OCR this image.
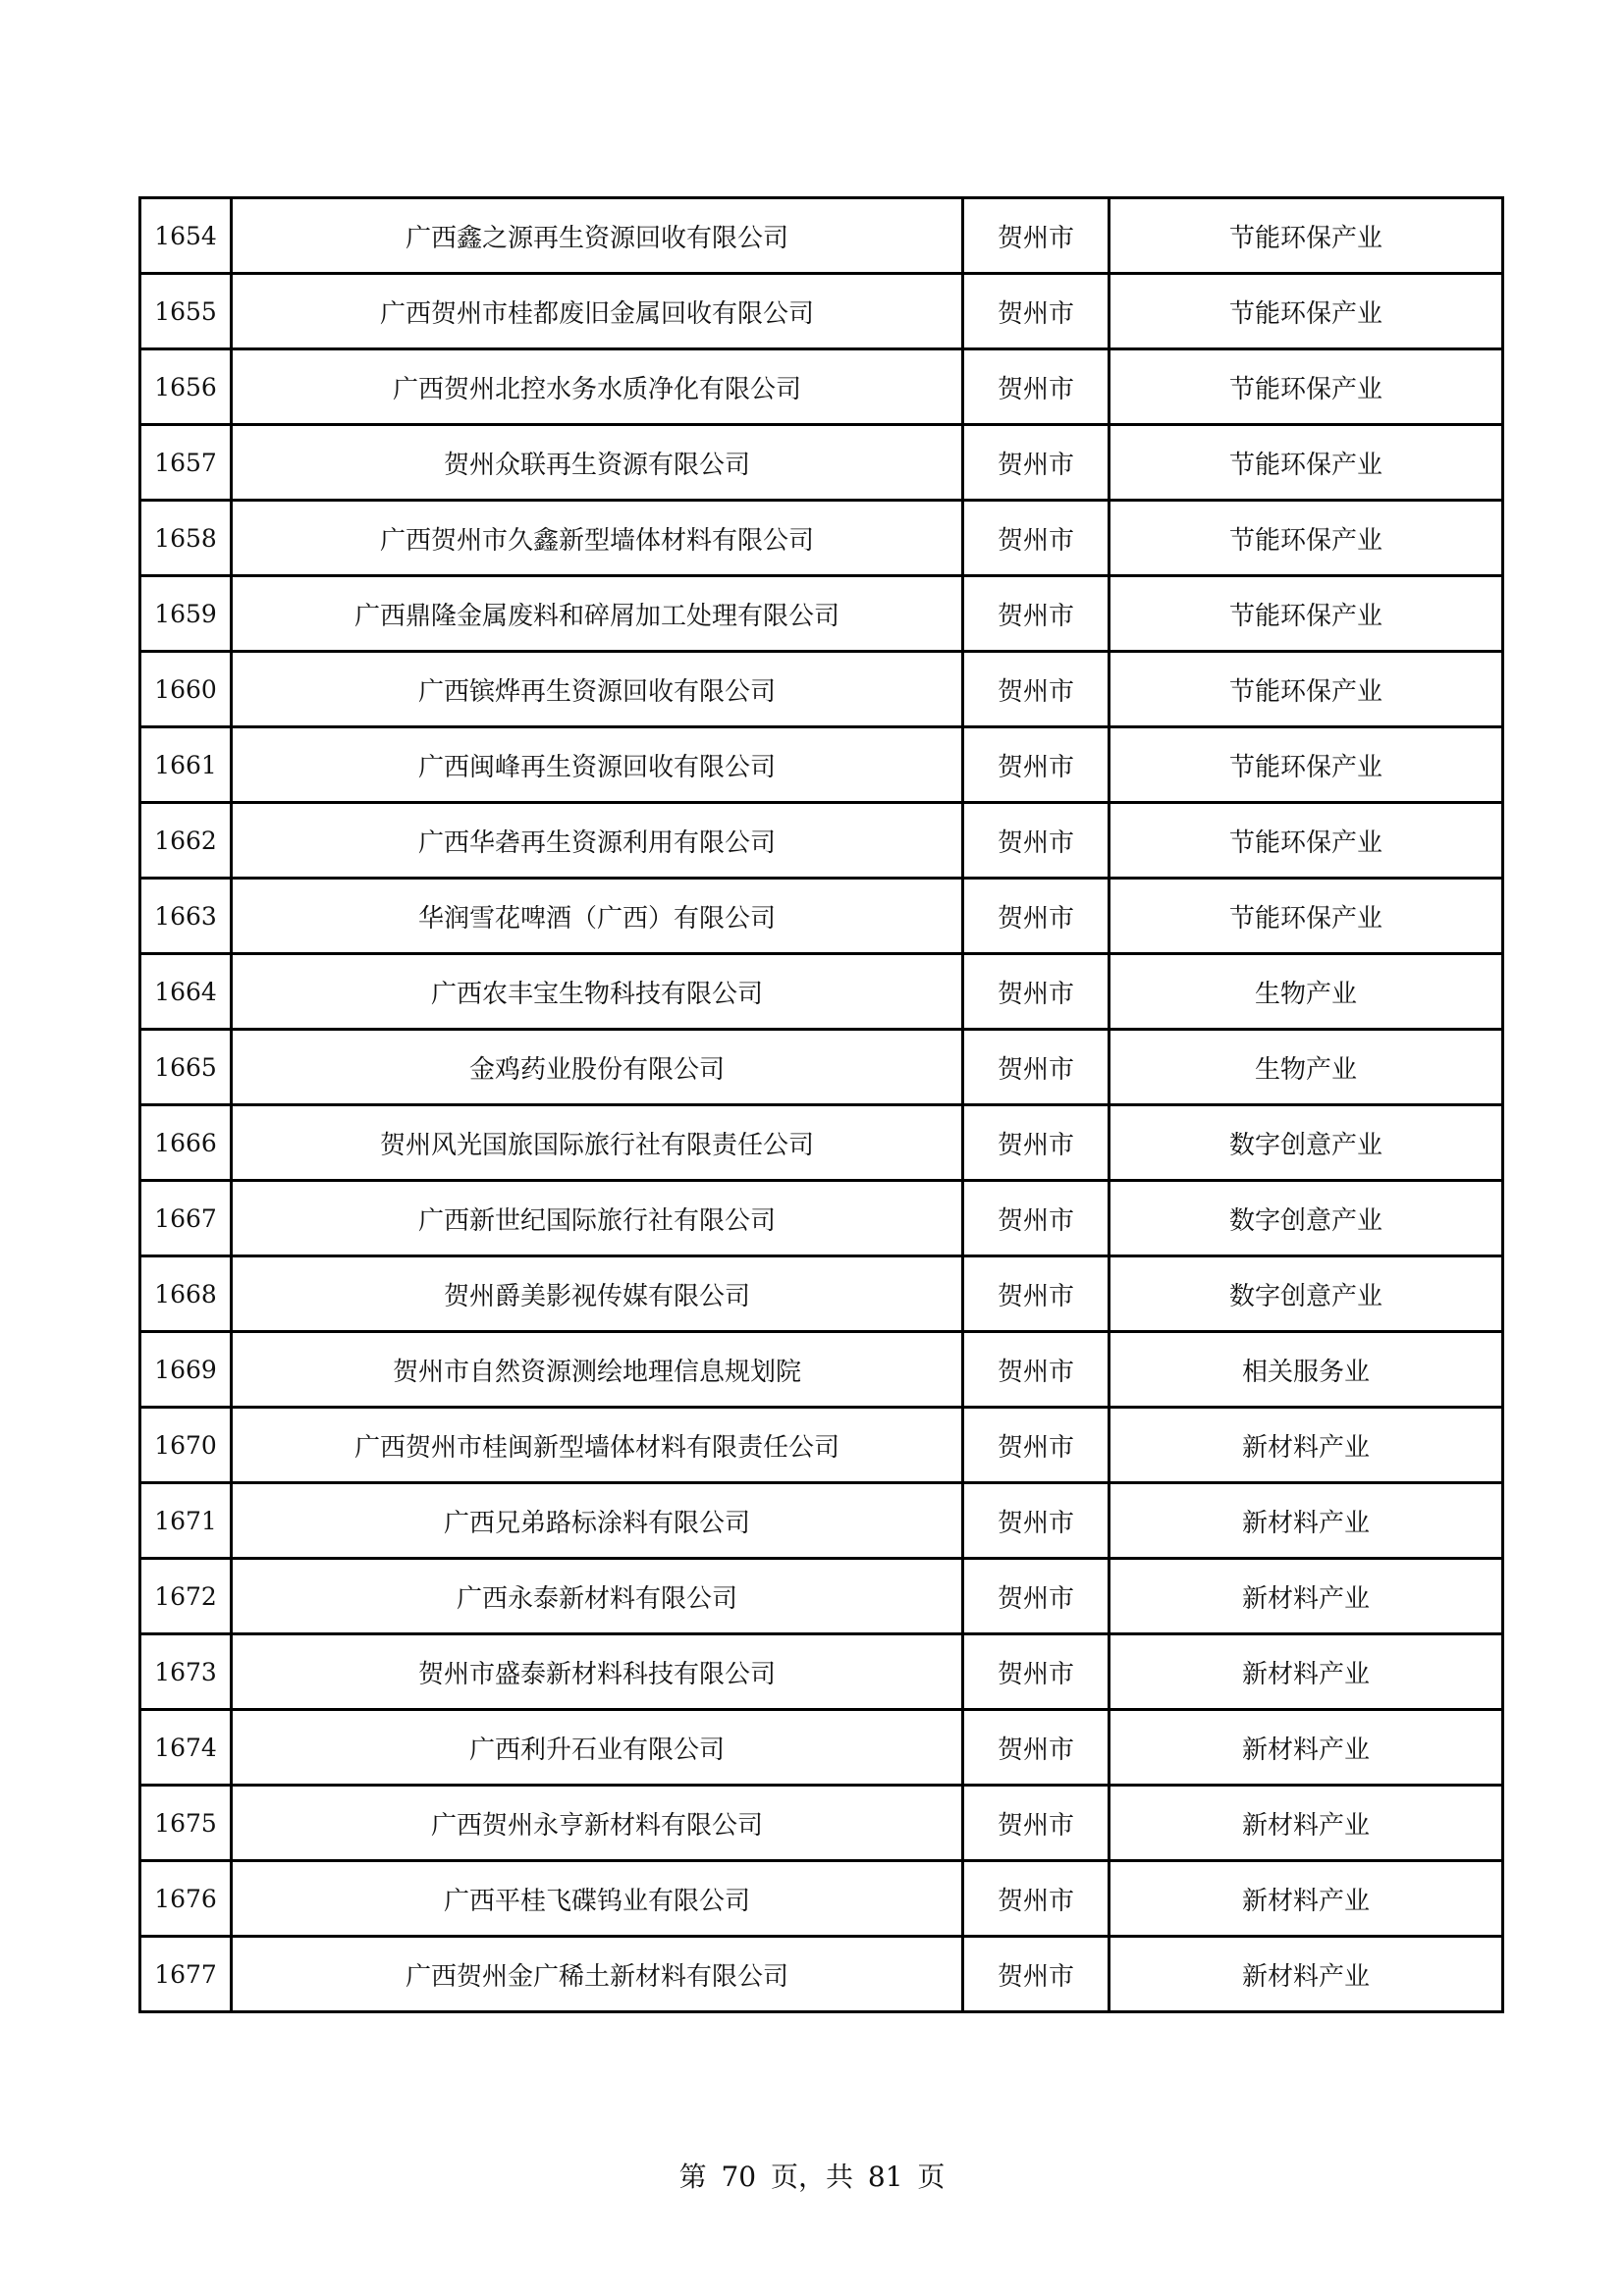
1654	广西鑫之源再生资源回收有限公司	贺州市	节能环保产业
1655	广西贺州市桂都废旧金属回收有限公司	贺州市	节能环保产业
1656	广西贺州北控水务水质净化有限公司	贺州市	节能环保产业
1657	贺州众联再生资源有限公司	贺州市	节能环保产业
1658	广西贺州市久鑫新型墙体材料有限公司	贺州市	节能环保产业
1659	广西鼎隆金属废料和碎屑加工处理有限公司	贺州市	节能环保产业
1660	广西镔烨再生资源回收有限公司	贺州市	节能环保产业
1661	广西闽峰再生资源回收有限公司	贺州市	节能环保产业
1662	广西华砻再生资源利用有限公司	贺州市	节能环保产业
1663	华润雪花啤酒（广西）有限公司	贺州市	节能环保产业
1664	广西农丰宝生物科技有限公司	贺州市	生物产业
1665	金鸡药业股份有限公司	贺州市	生物产业
1666	贺州风光国旅国际旅行社有限责任公司	贺州市	数字创意产业
1667	广西新世纪国际旅行社有限公司	贺州市	数字创意产业
1668	贺州爵美影视传媒有限公司	贺州市	数字创意产业
1669	贺州市自然资源测绘地理信息规划院	贺州市	相关服务业
1670	广西贺州市桂闽新型墙体材料有限责任公司	贺州市	新材料产业
1671	广西兄弟路标涂料有限公司	贺州市	新材料产业
1672	广西永泰新材料有限公司	贺州市	新材料产业
1673	贺州市盛泰新材料科技有限公司	贺州市	新材料产业
1674	广西利升石业有限公司	贺州市	新材料产业
1675	广西贺州永亨新材料有限公司	贺州市	新材料产业
1676	广西平桂飞碟钨业有限公司	贺州市	新材料产业
1677	广西贺州金广稀土新材料有限公司	贺州市	新材料产业
第 70 页，共 81 页
